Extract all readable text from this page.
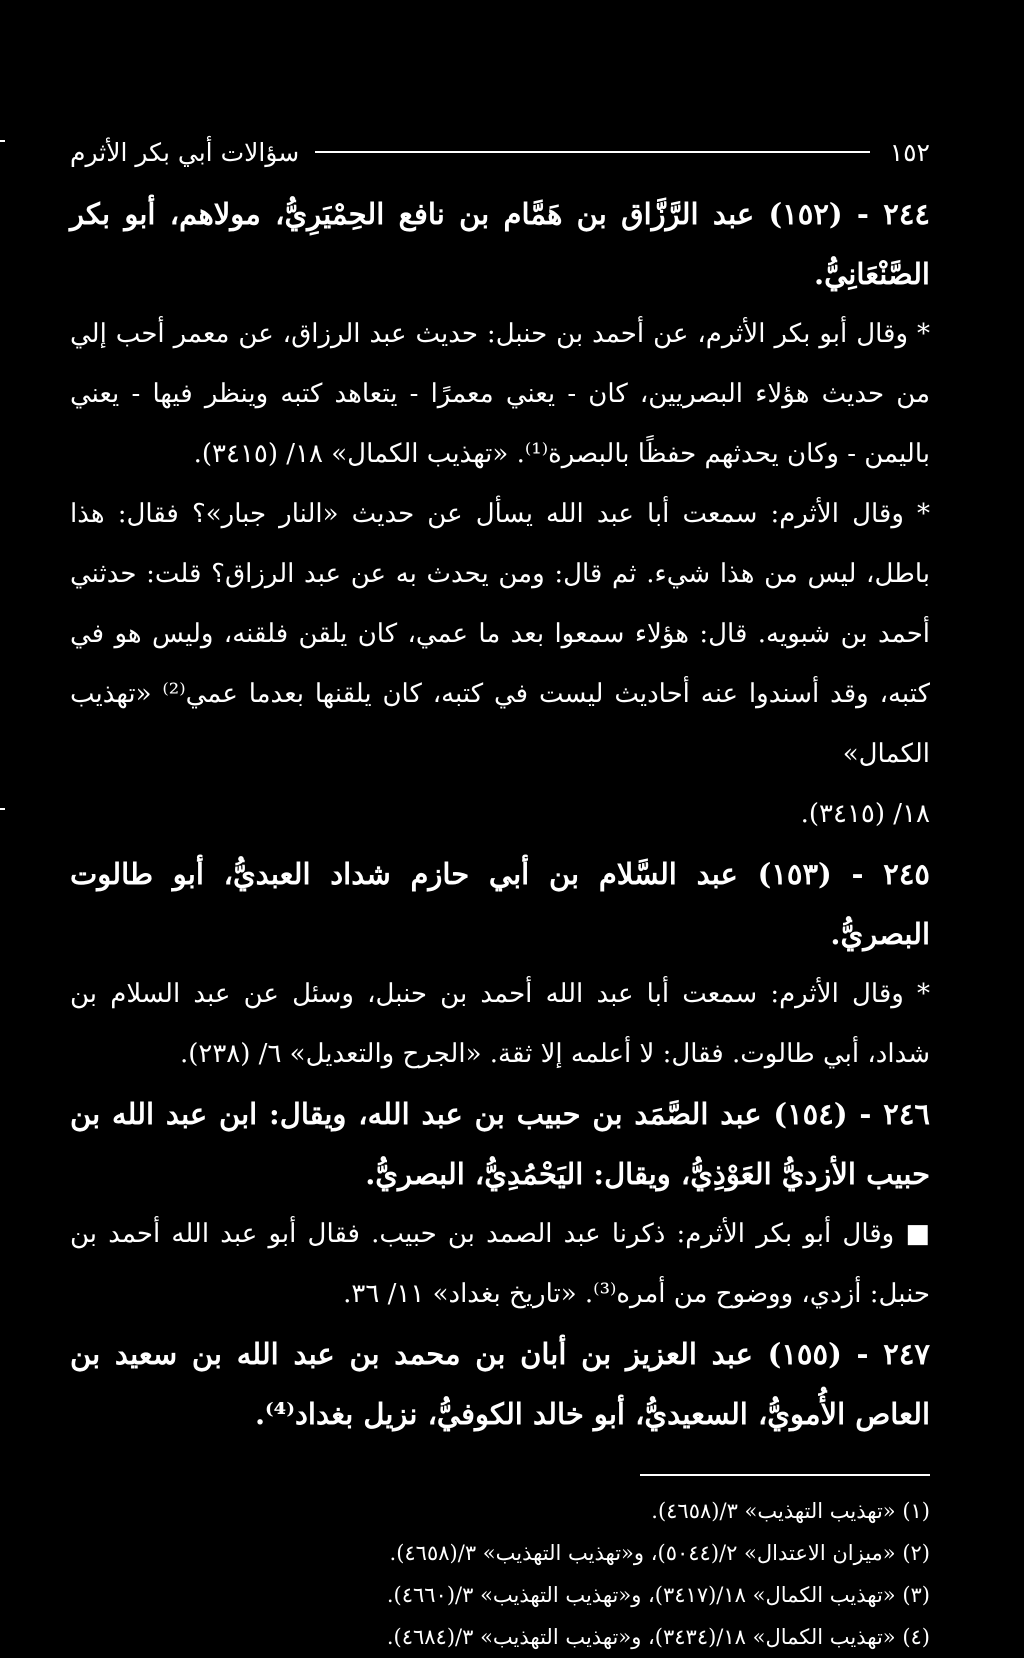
١٥٢
سؤالات أبي بكر الأثرم

٢٤٤ - (١٥٢) عبد الرَّزَّاق بن هَمَّام بن نافع الحِمْيَرِيُّ، مولاهم، أبو بكر الصَّنْعَانِيُّ.

* وقال أبو بكر الأثرم، عن أحمد بن حنبل: حديث عبد الرزاق، عن معمر أحب إلي من حديث هؤلاء البصريين، كان - يعني معمرًا - يتعاهد كتبه وينظر فيها - يعني باليمن - وكان يحدثهم حفظًا بالبصرة⁽¹⁾. «تهذيب الكمال» ١٨/ (٣٤١٥).

* وقال الأثرم: سمعت أبا عبد الله يسأل عن حديث «النار جبار»؟ فقال: هذا باطل، ليس من هذا شيء. ثم قال: ومن يحدث به عن عبد الرزاق؟ قلت: حدثني أحمد بن شبويه. قال: هؤلاء سمعوا بعد ما عمي، كان يلقن فلقنه، وليس هو في كتبه، وقد أسندوا عنه أحاديث ليست في كتبه، كان يلقنها بعدما عمي⁽²⁾ «تهذيب الكمال»

١٨/ (٣٤١٥).

٢٤٥ - (١٥٣) عبد السَّلام بن أبي حازم شداد العبديُّ، أبو طالوت البصريُّ.

* وقال الأثرم: سمعت أبا عبد الله أحمد بن حنبل، وسئل عن عبد السلام بن شداد، أبي طالوت. فقال: لا أعلمه إلا ثقة. «الجرح والتعديل» ٦/ (٢٣٨).

٢٤٦ - (١٥٤) عبد الصَّمَد بن حبيب بن عبد الله، ويقال: ابن عبد الله بن حبيب الأزديُّ العَوْذِيُّ، ويقال: اليَحْمُدِيُّ، البصريُّ.

■ وقال أبو بكر الأثرم: ذكرنا عبد الصمد بن حبيب. فقال أبو عبد الله أحمد بن حنبل: أزدي، ووضوح من أمره⁽³⁾. «تاريخ بغداد» ١١/ ٣٦.

٢٤٧ - (١٥٥) عبد العزيز بن أبان بن محمد بن عبد الله بن سعيد بن العاص الأُمويُّ، السعيديُّ، أبو خالد الكوفيُّ، نزيل بغداد⁽⁴⁾.

(١) «تهذيب التهذيب» ٣/(٤٦٥٨).

(٢) «ميزان الاعتدال» ٢/(٥٠٤٤)، و«تهذيب التهذيب» ٣/(٤٦٥٨).

(٣) «تهذيب الكمال» ١٨/(٣٤١٧)، و«تهذيب التهذيب» ٣/(٤٦٦٠).

(٤) «تهذيب الكمال» ١٨/(٣٤٣٤)، و«تهذيب التهذيب» ٣/(٤٦٨٤).
